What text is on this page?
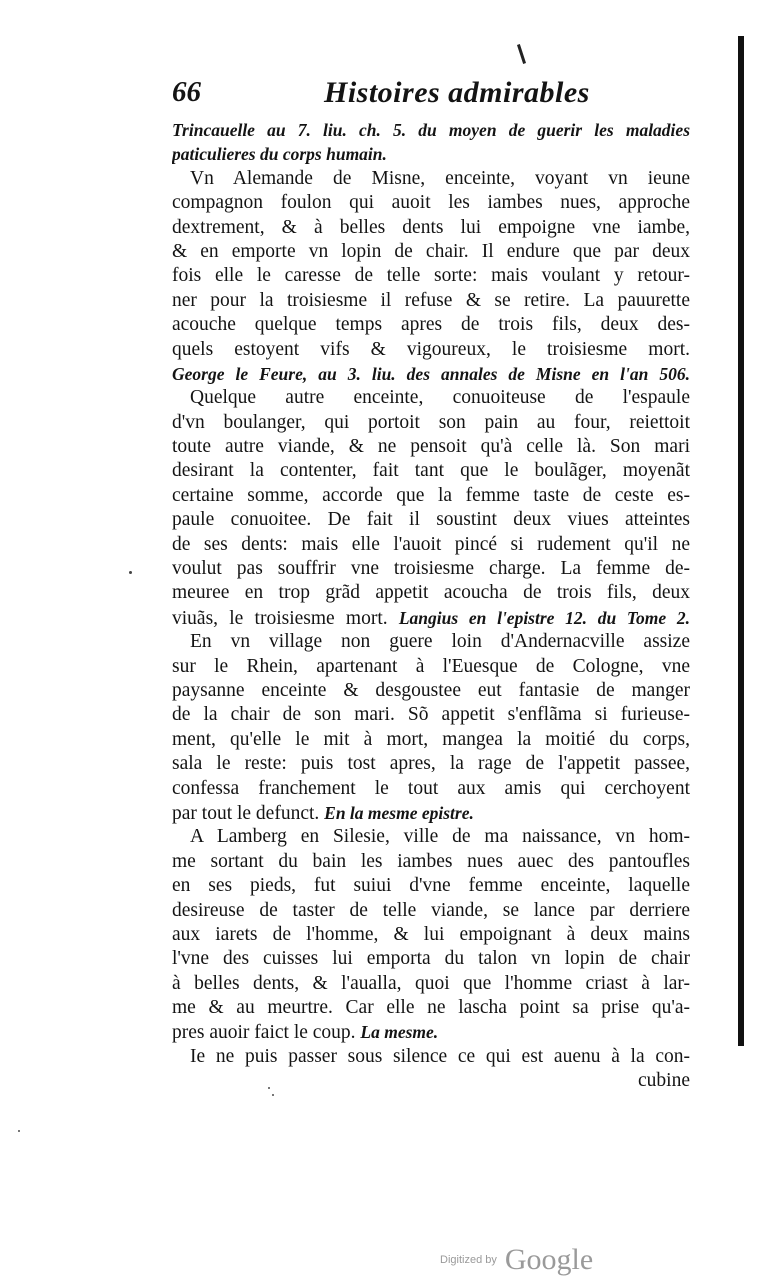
66	Histoires admirables
Trincauelle au 7. liu. ch. 5. du moyen de guerir les maladies
paticulieres du corps humain.
Vn Alemande de Misne, enceinte, voyant vn ieune
compagnon foulon qui auoit les iambes nues, approche
dextrement, & à belles dents lui empoigne vne iambe,
& en emporte vn lopin de chair. Il endure que par deux
fois elle le caresse de telle sorte: mais voulant y retour-
ner pour la troisiesme il refuse & se retire. La pauurette
acouche quelque temps apres de trois fils, deux des-
quels estoyent vifs & vigoureux, le troisiesme mort.
George le Feure, au 3. liu. des annales de Misne en l'an 506.
Quelque autre enceinte, conuoiteuse de l'espaule
d'vn boulanger, qui portoit son pain au four, reiettoit
toute autre viande, & ne pensoit qu'à celle là. Son mari
desirant la contenter, fait tant que le boulãger, moyenãt
certaine somme, accorde que la femme taste de ceste es-
paule conuoitee. De fait il soustint deux viues atteintes
de ses dents: mais elle l'auoit pincé si rudement qu'il ne
voulut pas souffrir vne troisiesme charge. La femme de-
meuree en trop grãd appetit acoucha de trois fils, deux
viuãs, le troisiesme mort. Langius en l'epistre 12. du Tome 2.
En vn village non guere loin d'Andernacville assize
sur le Rhein, apartenant à l'Euesque de Cologne, vne
paysanne enceinte & desgoustee eut fantasie de manger
de la chair de son mari. Sõ appetit s'enflãma si furieuse-
ment, qu'elle le mit à mort, mangea la moitié du corps,
sala le reste: puis tost apres, la rage de l'appetit passee,
confessa franchement le tout aux amis qui cerchoyent
par tout le defunct. En la mesme epistre.
A Lamberg en Silesie, ville de ma naissance, vn hom-
me sortant du bain les iambes nues auec des pantoufles
en ses pieds, fut suiui d'vne femme enceinte, laquelle
desireuse de taster de telle viande, se lance par derriere
aux iarets de l'homme, & lui empoignant à deux mains
l'vne des cuisses lui emporta du talon vn lopin de chair
à belles dents, & l'aualla, quoi que l'homme criast à lar-
me & au meurtre. Car elle ne lascha point sa prise qu'a-
pres auoir faict le coup. La mesme.
Ie ne puis passer sous silence ce qui est auenu à la con-
cubine
Digitized by Google
